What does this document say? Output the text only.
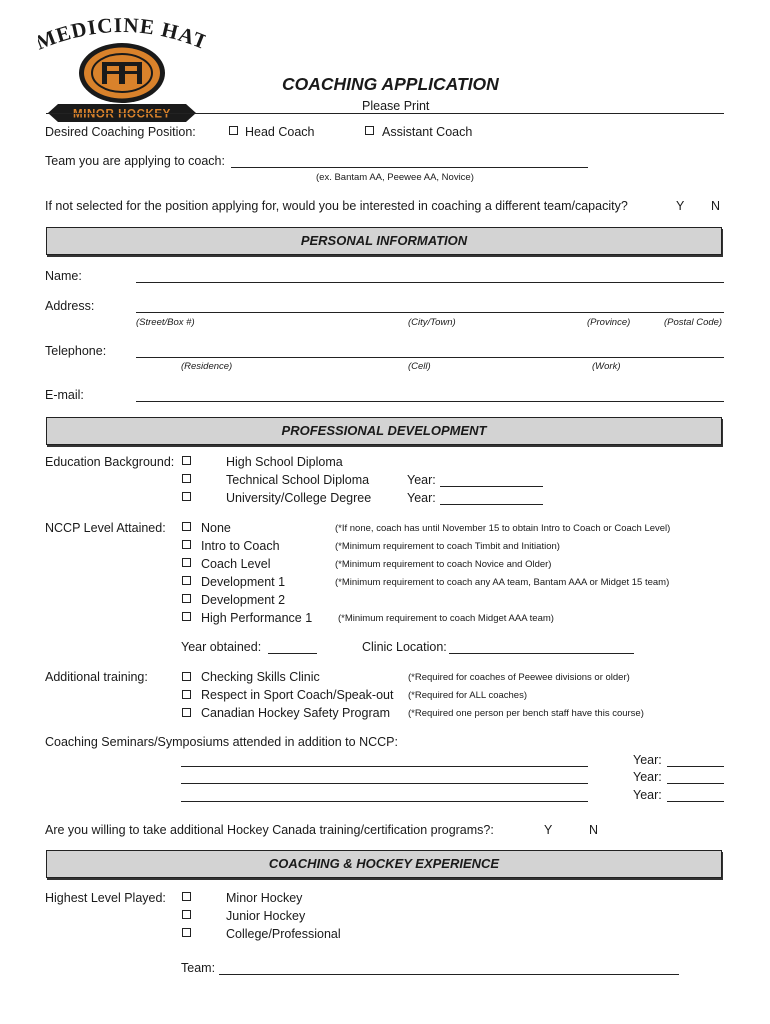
EDICINE HA
MINOR HOCKEY
COACHING APPLICATION
Please Print
Desired Coaching Position:	Head Coach	Assistant Coach
Team you are applying to coach:
(ex. Bantam AA, Peewee AA, Novice)
If not selected for the position applying for, would you be interested in coaching a different team/capacity?	Y N
PERSONAL INFORMATION
Name:
Address:
(Street/Box #)	(City/Town)	(Province)	(Postal Code)
Telephone:
(Residence)	(Cell)	(Work)
E-mail:
PROFESSIONAL DEVELOPMENT
Education Background:	High School Diploma
Technical School Diploma	Year:
University/College Degree	Year:
NCCP Level Attained:	None	(*If none, coach has until November 15 to obtain Intro to Coach or Coach Level)
Intro to Coach	(*Minimum requirement to coach Timbit and Initiation)
Coach Level	(*Minimum requirement to coach Novice and Older)
Development 1	(*Minimum requirement to coach any AA team, Bantam AAA or Midget 15 team)
Development 2
High Performance 1	(*Minimum requirement to coach Midget AAA team)
Year obtained:	Clinic Location:
Additional training:	Checking Skills Clinic	(*Required for coaches of Peewee divisions or older)
Respect in Sport Coach/Speak-out (*Required for ALL coaches)
Canadian Hockey Safety Program (*Required one person per bench staff have this course)
Coaching Seminars/Symposiums attended in addition to NCCP:
Year:
Year:
Year:
Are you willing to take additional Hockey Canada training/certification programs?:	Y	N
COACHING & HOCKEY EXPERIENCE
Highest Level Played:	Minor Hockey
Junior Hockey
College/Professional
Team:
